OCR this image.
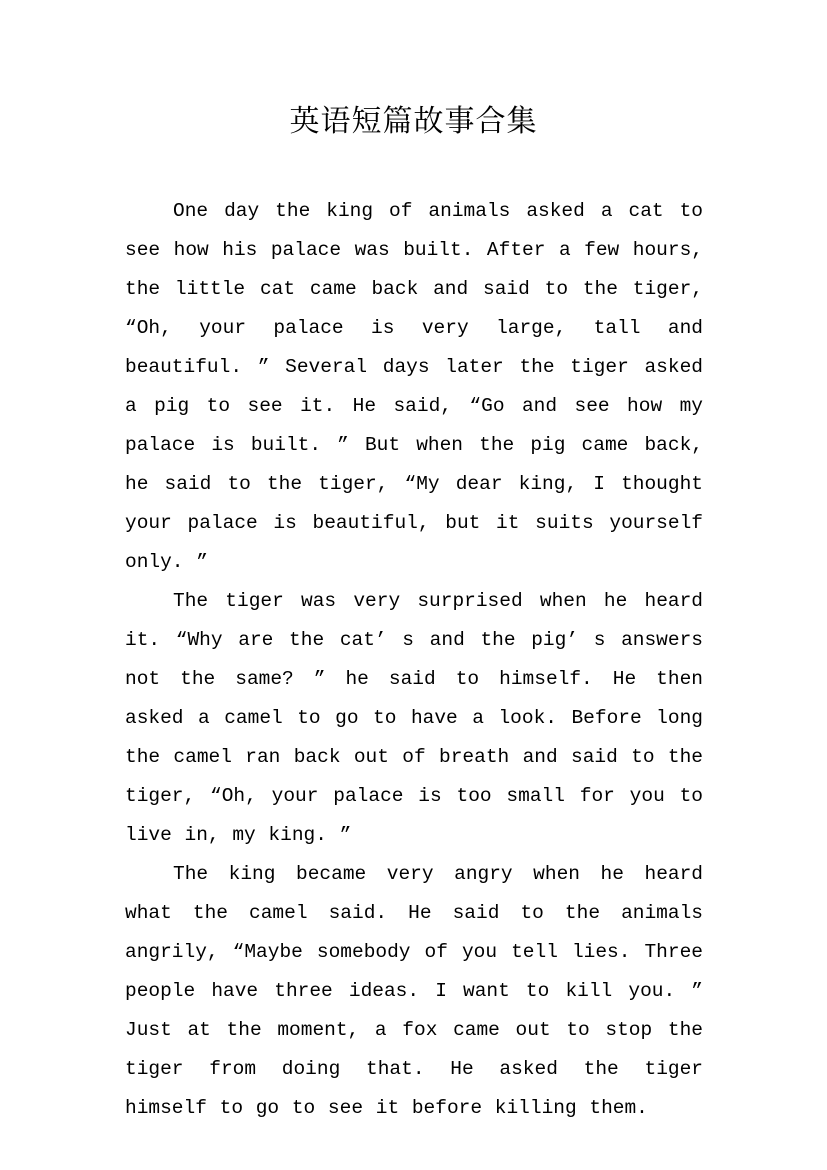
英语短篇故事合集

One day the king of animals asked a cat to see how his palace was built. After a few hours, the little cat came back and said to the tiger, “Oh, your palace is very large, tall and beautiful. ” Several days later the tiger asked a pig to see it. He said, “Go and see how my palace is built. ” But when the pig came back, he said to the tiger, “My dear king, I thought your palace is beautiful, but it suits yourself only. ”

The tiger was very surprised when he heard it. “Why are the cat’ s and the pig’ s answers not the same? ” he said to himself. He then asked a camel to go to have a look. Before long the camel ran back out of breath and said to the tiger, “Oh, your palace is too small for you to live in, my king. ”

The king became very angry when he heard what the camel said. He said to the animals angrily, “Maybe somebody of you tell lies. Three people have three ideas. I want to kill you. ” Just at the moment, a fox came out to stop the tiger from doing that. He asked the tiger himself to go to see it before killing them.
